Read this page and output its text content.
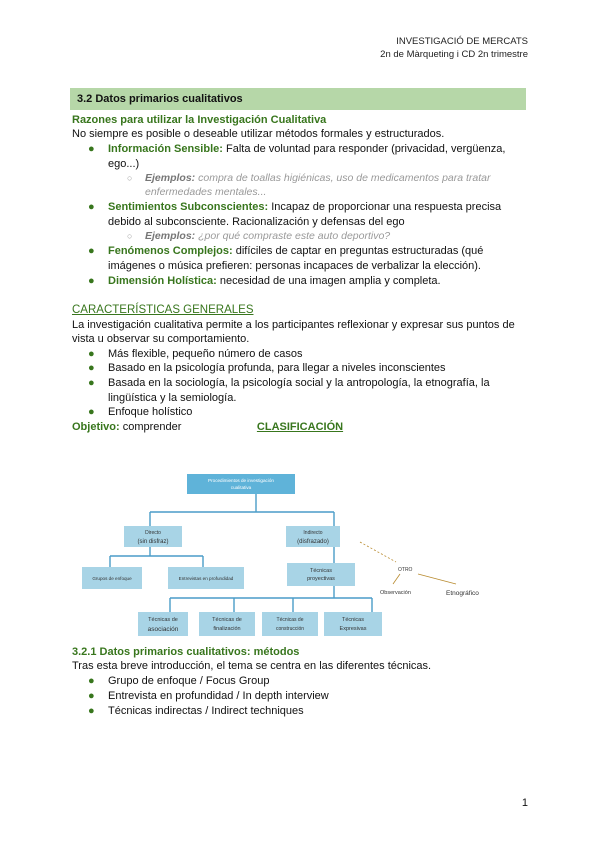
INVESTIGACIÓ DE MERCATS
2n de Màrqueting i CD 2n trimestre
3.2 Datos primarios cualitativos
Razones para utilizar la Investigación Cualitativa
No siempre es posible o deseable utilizar métodos formales y estructurados.
● Información Sensible: Falta de voluntad para responder (privacidad, vergüenza,
ego...)
○ Ejemplos: compra de toallas higiénicas, uso de medicamentos para tratar
enfermedades mentales...
● Sentimientos Subconscientes: Incapaz de proporcionar una respuesta precisa
debido al subconsciente. Racionalización y defensas del ego
○ Ejemplos: ¿por qué compraste este auto deportivo?
● Fenómenos Complejos: difíciles de captar en preguntas estructuradas (qué
imágenes o música prefieren: personas incapaces de verbalizar la elección).
● Dimensión Holística: necesidad de una imagen amplia y completa.
CARACTERÍSTICAS GENERALES
La investigación cualitativa permite a los participantes reflexionar y expresar sus puntos de
vista u observar su comportamiento.
● Más flexible, pequeño número de casos
● Basado en la psicología profunda, para llegar a niveles inconscientes
● Basada en la sociología, la psicología social y la antropología, la etnografía, la
lingüística y la semiología.
● Enfoque holístico
Objetivo: comprender	CLASIFICACIÓN
Procedimientos de investigación
cualitativa
Directo
(sin disfraz)
Indirecto
(disfrazado)
Grupos de enfoque	Entrevistas en profundidad
Técnicas
proyectivas
OTRO
Observación	Etnográfico
Técnicas de
asociación
Técnicas de
finalización
Técnicas de
construcción
Técnicas
Expresivas
3.2.1 Datos primarios cualitativos: métodos
Tras esta breve introducción, el tema se centra en las diferentes técnicas.
● Grupo de enfoque / Focus Group
● Entrevista en profundidad / In depth interview
● Técnicas indirectas / Indirect techniques
1
